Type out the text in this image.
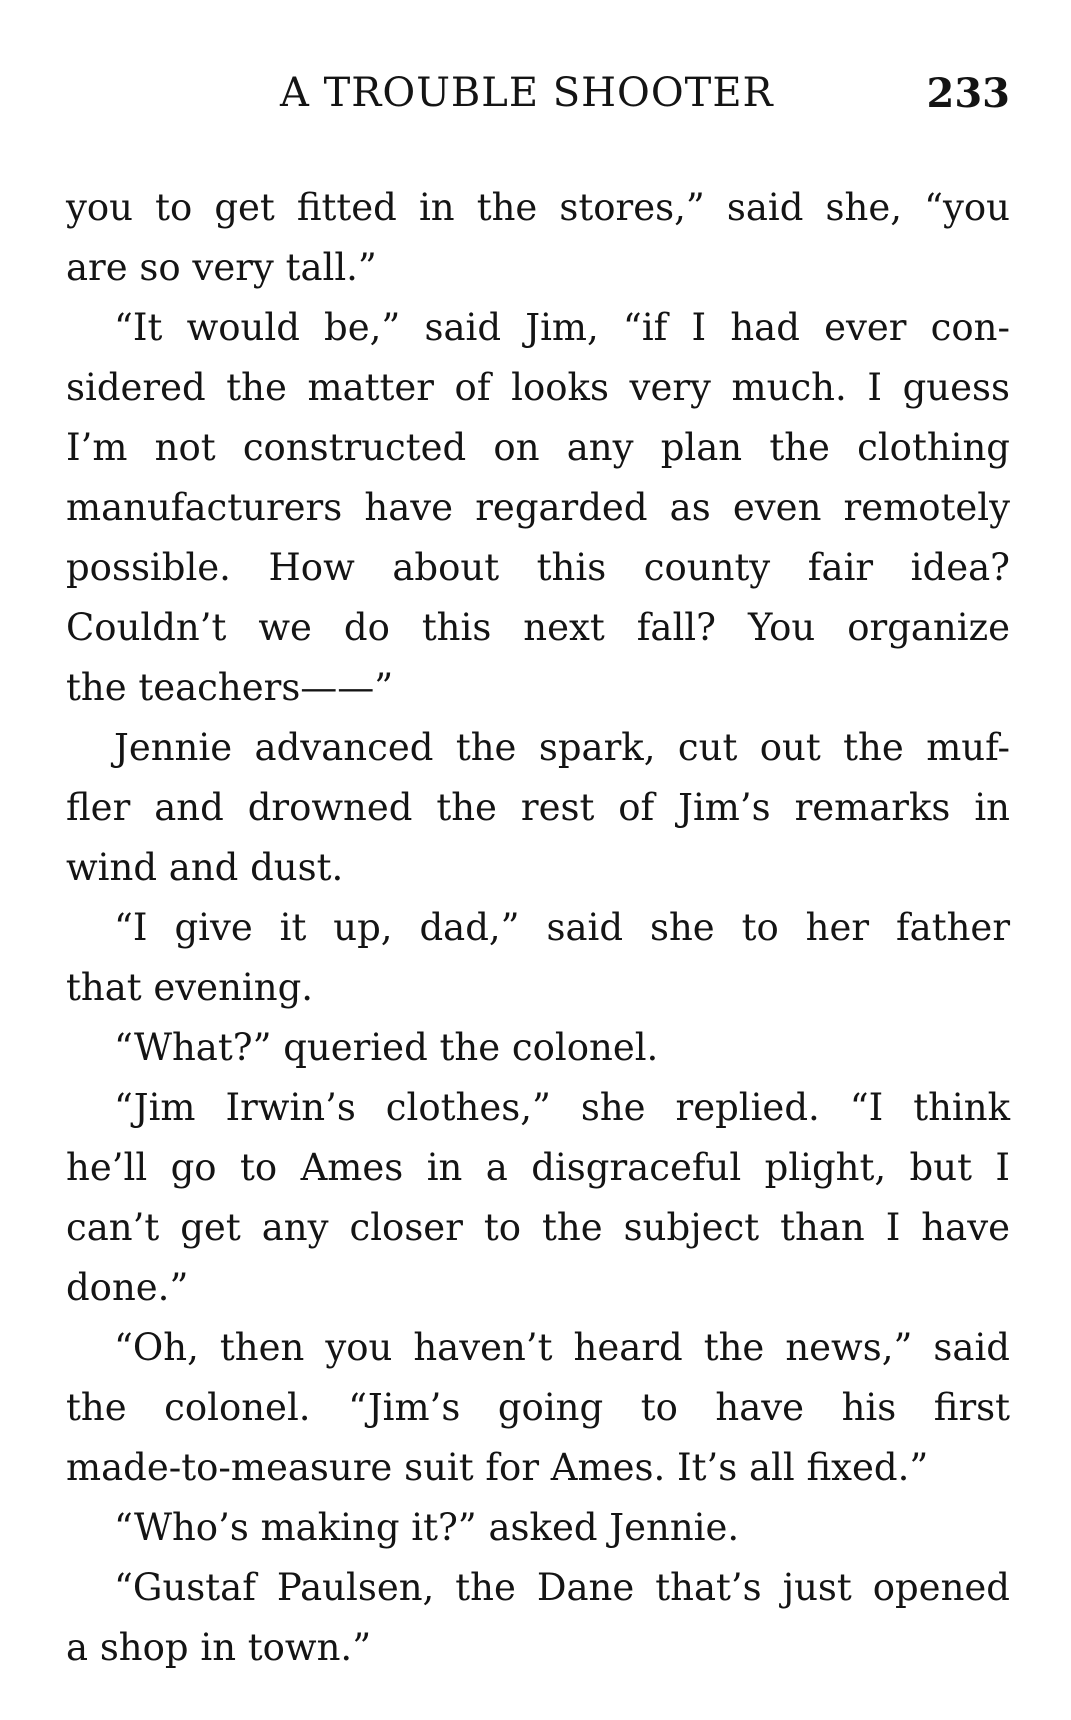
A TROUBLE SHOOTER	233
you to get fitted in the stores,” said she, “you
are so very tall.”
“It would be,” said Jim, “if I had ever con-
sidered the matter of looks very much. I guess
I’m not constructed on any plan the clothing
manufacturers have regarded as even remotely
possible. How about this county fair idea?
Couldn’t we do this next fall? You organize
the teachers——”
Jennie advanced the spark, cut out the muf-
fler and drowned the rest of Jim’s remarks in
wind and dust.
“I give it up, dad,” said she to her father
that evening.
“What?” queried the colonel.
“Jim Irwin’s clothes,” she replied. “I think
he’ll go to Ames in a disgraceful plight, but I
can’t get any closer to the subject than I have
done.”
“Oh, then you haven’t heard the news,” said
the colonel. “Jim’s going to have his first
made-to-measure suit for Ames. It’s all fixed.”
“Who’s making it?” asked Jennie.
“Gustaf Paulsen, the Dane that’s just opened
a shop in town.”
